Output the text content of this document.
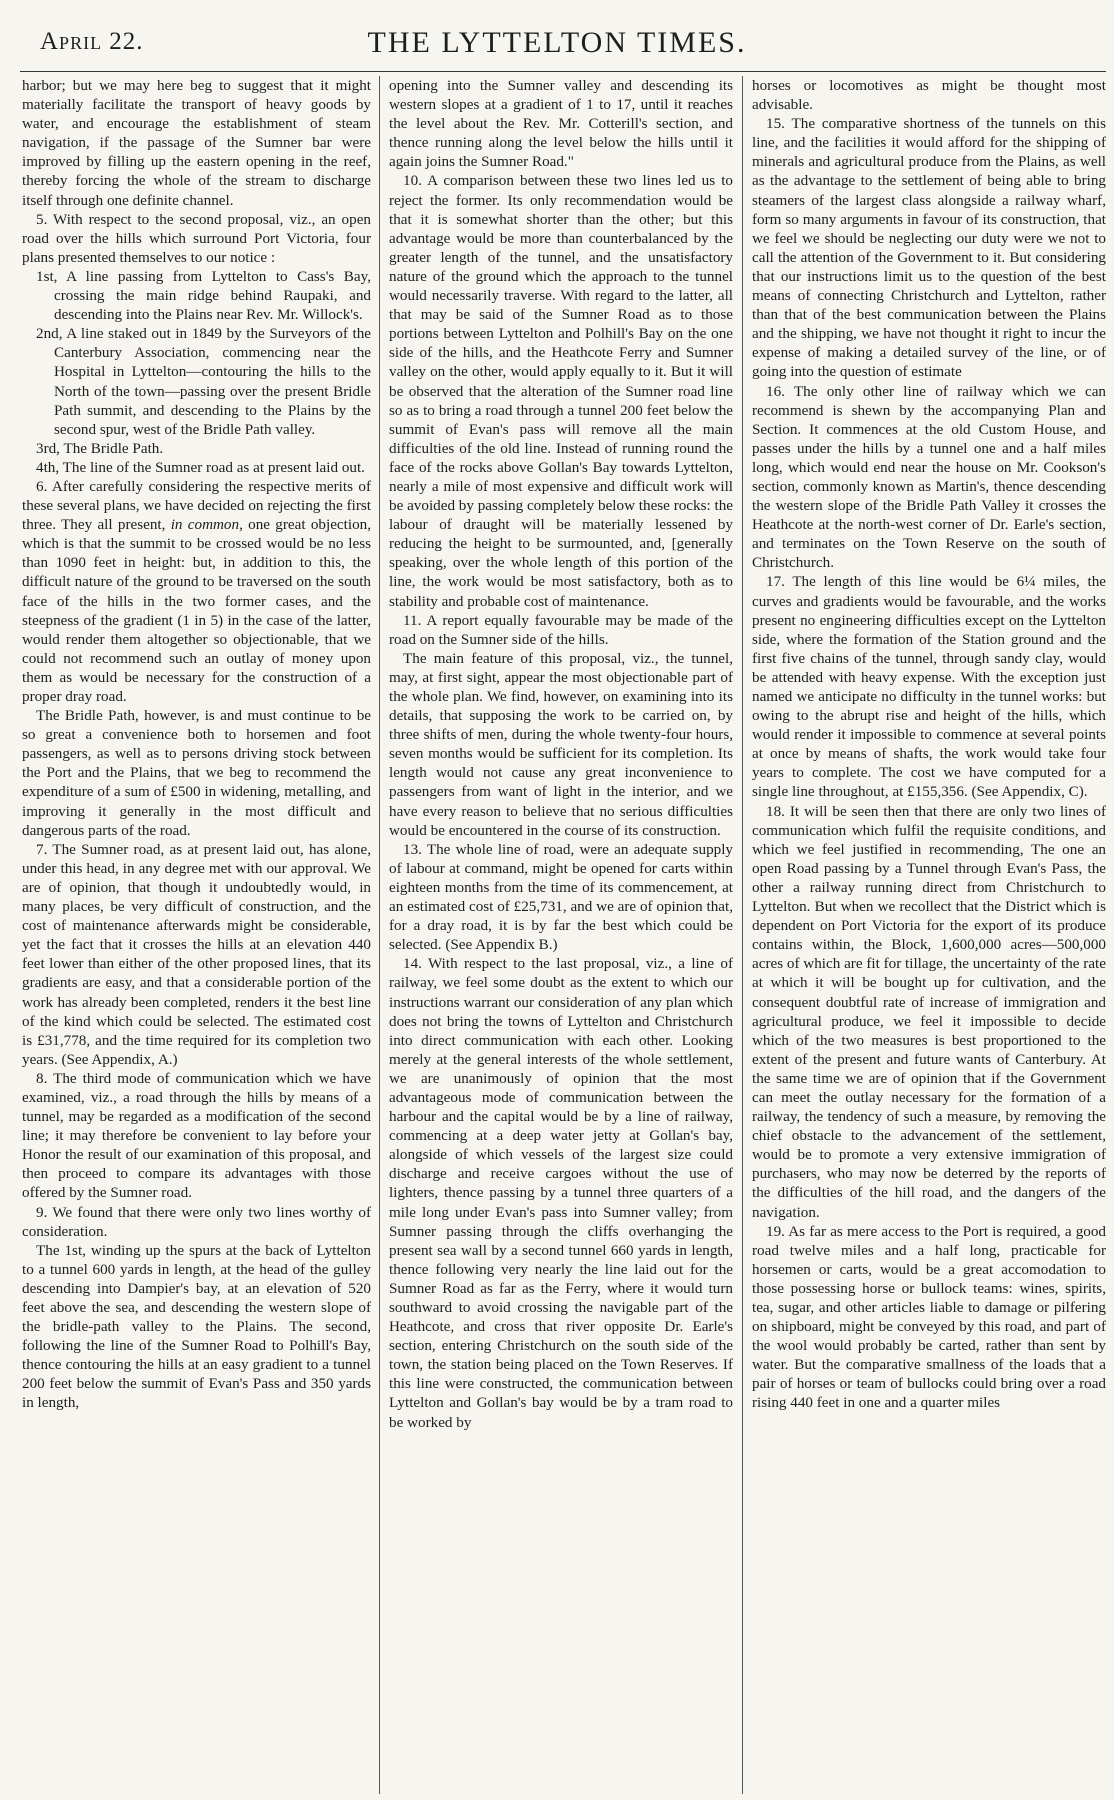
April 22.	THE LYTTELTON TIMES.

harbor; but we may here beg to suggest that it might materially facilitate the transport of heavy goods by water, and encourage the establishment of steam navigation, if the passage of the Sumner bar were improved by filling up the eastern opening in the reef, thereby forcing the whole of the stream to discharge itself through one definite channel.

5. With respect to the second proposal, viz., an open road over the hills which surround Port Victoria, four plans presented themselves to our notice :

1st, A line passing from Lyttelton to Cass's Bay, crossing the main ridge behind Raupaki, and descending into the Plains near Rev. Mr. Willock's.
2nd, A line staked out in 1849 by the Surveyors of the Canterbury Association, commencing near the Hospital in Lyttelton—contouring the hills to the North of the town—passing over the present Bridle Path summit, and descending to the Plains by the second spur, west of the Bridle Path valley.
3rd, The Bridle Path.
4th, The line of the Sumner road as at present laid out.

6. After carefully considering the respective merits of these several plans, we have decided on rejecting the first three. They all present, in common, one great objection, which is that the summit to be crossed would be no less than 1090 feet in height: but, in addition to this, the difficult nature of the ground to be traversed on the south face of the hills in the two former cases, and the steepness of the gradient (1 in 5) in the case of the latter, would render them altogether so objectionable, that we could not recommend such an outlay of money upon them as would be necessary for the construction of a proper dray road.

The Bridle Path, however, is and must continue to be so great a convenience both to horsemen and foot passengers, as well as to persons driving stock between the Port and the Plains, that we beg to recommend the expenditure of a sum of £500 in widening, metalling, and improving it generally in the most difficult and dangerous parts of the road.

7. The Sumner road, as at present laid out, has alone, under this head, in any degree met with our approval. We are of opinion, that though it undoubtedly would, in many places, be very difficult of construction, and the cost of maintenance afterwards might be considerable, yet the fact that it crosses the hills at an elevation 440 feet lower than either of the other proposed lines, that its gradients are easy, and that a considerable portion of the work has already been completed, renders it the best line of the kind which could be selected. The estimated cost is £31,778, and the time required for its completion two years. (See Appendix, A.)

8. The third mode of communication which we have examined, viz., a road through the hills by means of a tunnel, may be regarded as a modification of the second line; it may therefore be convenient to lay before your Honor the result of our examination of this proposal, and then proceed to compare its advantages with those offered by the Sumner road.

9. We found that there were only two lines worthy of consideration.

The 1st, winding up the spurs at the back of Lyttelton to a tunnel 600 yards in length, at the head of the gulley descending into Dampier's bay, at an elevation of 520 feet above the sea, and descending the western slope of the bridle-path valley to the Plains. The second, following the line of the Sumner Road to Polhill's Bay, thence contouring the hills at an easy gradient to a tunnel 200 feet below the summit of Evan's Pass and 350 yards in length,

opening into the Sumner valley and descending its western slopes at a gradient of 1 to 17, until it reaches the level about the Rev. Mr. Cotterill's section, and thence running along the level below the hills until it again joins the Sumner Road."

10. A comparison between these two lines led us to reject the former. Its only recommendation would be that it is somewhat shorter than the other; but this advantage would be more than counterbalanced by the greater length of the tunnel, and the unsatisfactory nature of the ground which the approach to the tunnel would necessarily traverse. With regard to the latter, all that may be said of the Sumner Road as to those portions between Lyttelton and Polhill's Bay on the one side of the hills, and the Heathcote Ferry and Sumner valley on the other, would apply equally to it. But it will be observed that the alteration of the Sumner road line so as to bring a road through a tunnel 200 feet below the summit of Evan's pass will remove all the main difficulties of the old line. Instead of running round the face of the rocks above Gollan's Bay towards Lyttelton, nearly a mile of most expensive and difficult work will be avoided by passing completely below these rocks: the labour of draught will be materially lessened by reducing the height to be surmounted, and, [generally speaking, over the whole length of this portion of the line, the work would be most satisfactory, both as to stability and probable cost of maintenance.

11. A report equally favourable may be made of the road on the Sumner side of the hills.

The main feature of this proposal, viz., the tunnel, may, at first sight, appear the most objectionable part of the whole plan. We find, however, on examining into its details, that supposing the work to be carried on, by three shifts of men, during the whole twenty-four hours, seven months would be sufficient for its completion. Its length would not cause any great inconvenience to passengers from want of light in the interior, and we have every reason to believe that no serious difficulties would be encountered in the course of its construction.

13. The whole line of road, were an adequate supply of labour at command, might be opened for carts within eighteen months from the time of its commencement, at an estimated cost of £25,731, and we are of opinion that, for a dray road, it is by far the best which could be selected. (See Appendix B.)

14. With respect to the last proposal, viz., a line of railway, we feel some doubt as the extent to which our instructions warrant our consideration of any plan which does not bring the towns of Lyttelton and Christchurch into direct communication with each other. Looking merely at the general interests of the whole settlement, we are unanimously of opinion that the most advantageous mode of communication between the harbour and the capital would be by a line of railway, commencing at a deep water jetty at Gollan's bay, alongside of which vessels of the largest size could discharge and receive cargoes without the use of lighters, thence passing by a tunnel three quarters of a mile long under Evan's pass into Sumner valley; from Sumner passing through the cliffs overhanging the present sea wall by a second tunnel 660 yards in length, thence following very nearly the line laid out for the Sumner Road as far as the Ferry, where it would turn southward to avoid crossing the navigable part of the Heathcote, and cross that river opposite Dr. Earle's section, entering Christchurch on the south side of the town, the station being placed on the Town Reserves. If this line were constructed, the communication between Lyttelton and Gollan's bay would be by a tram road to be worked by

horses or locomotives as might be thought most advisable.

15. The comparative shortness of the tunnels on this line, and the facilities it would afford for the shipping of minerals and agricultural produce from the Plains, as well as the advantage to the settlement of being able to bring steamers of the largest class alongside a railway wharf, form so many arguments in favour of its construction, that we feel we should be neglecting our duty were we not to call the attention of the Government to it. But considering that our instructions limit us to the question of the best means of connecting Christchurch and Lyttelton, rather than that of the best communication between the Plains and the shipping, we have not thought it right to incur the expense of making a detailed survey of the line, or of going into the question of estimate

16. The only other line of railway which we can recommend is shewn by the accompanying Plan and Section. It commences at the old Custom House, and passes under the hills by a tunnel one and a half miles long, which would end near the house on Mr. Cookson's section, commonly known as Martin's, thence descending the western slope of the Bridle Path Valley it crosses the Heathcote at the north-west corner of Dr. Earle's section, and terminates on the Town Reserve on the south of Christchurch.

17. The length of this line would be 6¼ miles, the curves and gradients would be favourable, and the works present no engineering difficulties except on the Lyttelton side, where the formation of the Station ground and the first five chains of the tunnel, through sandy clay, would be attended with heavy expense. With the exception just named we anticipate no difficulty in the tunnel works: but owing to the abrupt rise and height of the hills, which would render it impossible to commence at several points at once by means of shafts, the work would take four years to complete. The cost we have computed for a single line throughout, at £155,356. (See Appendix, C).

18. It will be seen then that there are only two lines of communication which fulfil the requisite conditions, and which we feel justified in recommending, The one an open Road passing by a Tunnel through Evan's Pass, the other a railway running direct from Christchurch to Lyttelton. But when we recollect that the District which is dependent on Port Victoria for the export of its produce contains within, the Block, 1,600,000 acres—500,000 acres of which are fit for tillage, the uncertainty of the rate at which it will be bought up for cultivation, and the consequent doubtful rate of increase of immigration and agricultural produce, we feel it impossible to decide which of the two measures is best proportioned to the extent of the present and future wants of Canterbury. At the same time we are of opinion that if the Government can meet the outlay necessary for the formation of a railway, the tendency of such a measure, by removing the chief obstacle to the advancement of the settlement, would be to promote a very extensive immigration of purchasers, who may now be deterred by the reports of the difficulties of the hill road, and the dangers of the navigation.

19. As far as mere access to the Port is required, a good road twelve miles and a half long, practicable for horsemen or carts, would be a great accomodation to those possessing horse or bullock teams: wines, spirits, tea, sugar, and other articles liable to damage or pilfering on shipboard, might be conveyed by this road, and part of the wool would probably be carted, rather than sent by water. But the comparative smallness of the loads that a pair of horses or team of bullocks could bring over a road rising 440 feet in one and a quarter miles
